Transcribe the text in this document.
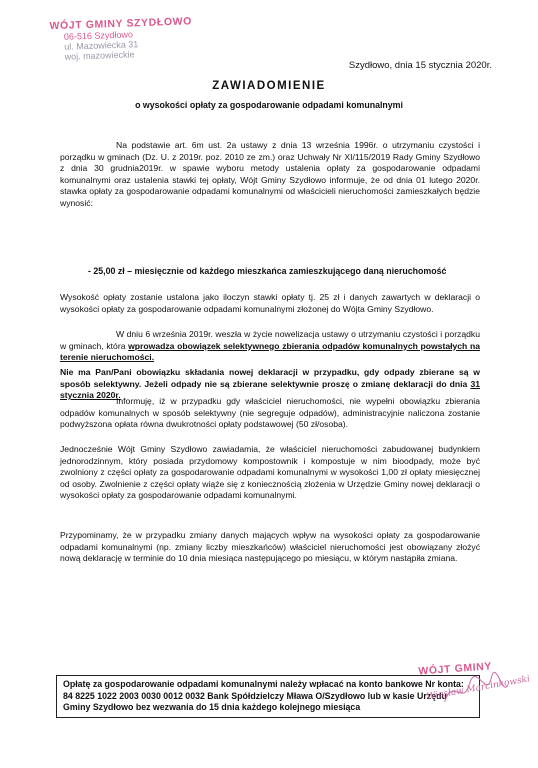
WÓJT GMINY SZYDŁOWO
06-516 Szydłowo
ul. Mazowiecka 31
woj. mazowieckie
Szydłowo, dnia 15 stycznia 2020r.
ZAWIADOMIENIE
o wysokości opłaty za gospodarowanie odpadami komunalnymi
Na podstawie art. 6m ust. 2a ustawy z dnia 13 września 1996r. o utrzymaniu czystości i porządku w gminach (Dz. U. z 2019r. poz. 2010 ze zm.) oraz Uchwały Nr XI/115/2019 Rady Gminy Szydłowo z dnia 30 grudnia2019r. w spawie wyboru metody ustalenia opłaty za gospodarowanie odpadami komunalnymi oraz ustalenia stawki tej opłaty, Wójt Gminy Szydłowo informuje, że od dnia 01 lutego 2020r. stawka opłaty za gospodarowanie odpadami komunalnymi od właścicieli nieruchomości zamieszkałych będzie wynosić:
- 25,00 zł – miesięcznie od każdego mieszkańca zamieszkującego daną nieruchomość
Wysokość opłaty zostanie ustalona jako iloczyn stawki opłaty tj. 25 zł i danych zawartych w deklaracji o wysokości opłaty za gospodarowanie odpadami komunalnymi złożonej do Wójta Gminy Szydłowo.
W dniu 6 września 2019r. weszła w życie nowelizacja ustawy o utrzymaniu czystości i porządku w gminach, która wprowadza obowiązek selektywnego zbierania odpadów komunalnych powstałych na terenie nieruchomości.
Nie ma Pan/Pani obowiązku składania nowej deklaracji w przypadku, gdy odpady zbierane są w sposób selektywny. Jeżeli odpady nie są zbierane selektywnie proszę o zmianę deklaracji do dnia 31 stycznia 2020r.
Informuję, iż w przypadku gdy właściciel nieruchomości, nie wypełni obowiązku zbierania odpadów komunalnych w sposób selektywny (nie segreguje odpadów), administracyjnie naliczona zostanie podwyższona opłata równa dwukrotności opłaty podstawowej (50 zł/osoba).
Jednocześnie Wójt Gminy Szydłowo zawiadamia, że właściciel nieruchomości zabudowanej budynkiem jednorodzinnym, który posiada przydomowy kompostownik i kompostuje w nim bioodpady, może być zwolniony z części opłaty za gospodarowanie odpadami komunalnymi w wysokości 1,00 zł opłaty miesięcznej od osoby. Zwolnienie z części opłaty wiąże się z koniecznością złożenia w Urzędzie Gminy nowej deklaracji o wysokości opłaty za gospodarowanie odpadami komunalnymi.
Przypominamy, że w przypadku zmiany danych mających wpływ na wysokości opłaty za gospodarowanie odpadami komunalnymi (np. zmiany liczby mieszkańców) właściciel nieruchomości jest obowiązany złożyć nową deklarację w terminie do 10 dnia miesiąca następującego po miesiącu, w którym nastąpiła zmiana.
Opłatę za gospodarowanie odpadami komunalnymi należy wpłacać na konto bankowe Nr konta: 84 8225 1022 2003 0030 0012 0032 Bank Spółdzielczy Mława O/Szydłowo lub w kasie Urzędu Gminy Szydłowo bez wezwania do 15 dnia każdego kolejnego miesiąca
WÓJT GMINY
Wiesław Marcinkowski
